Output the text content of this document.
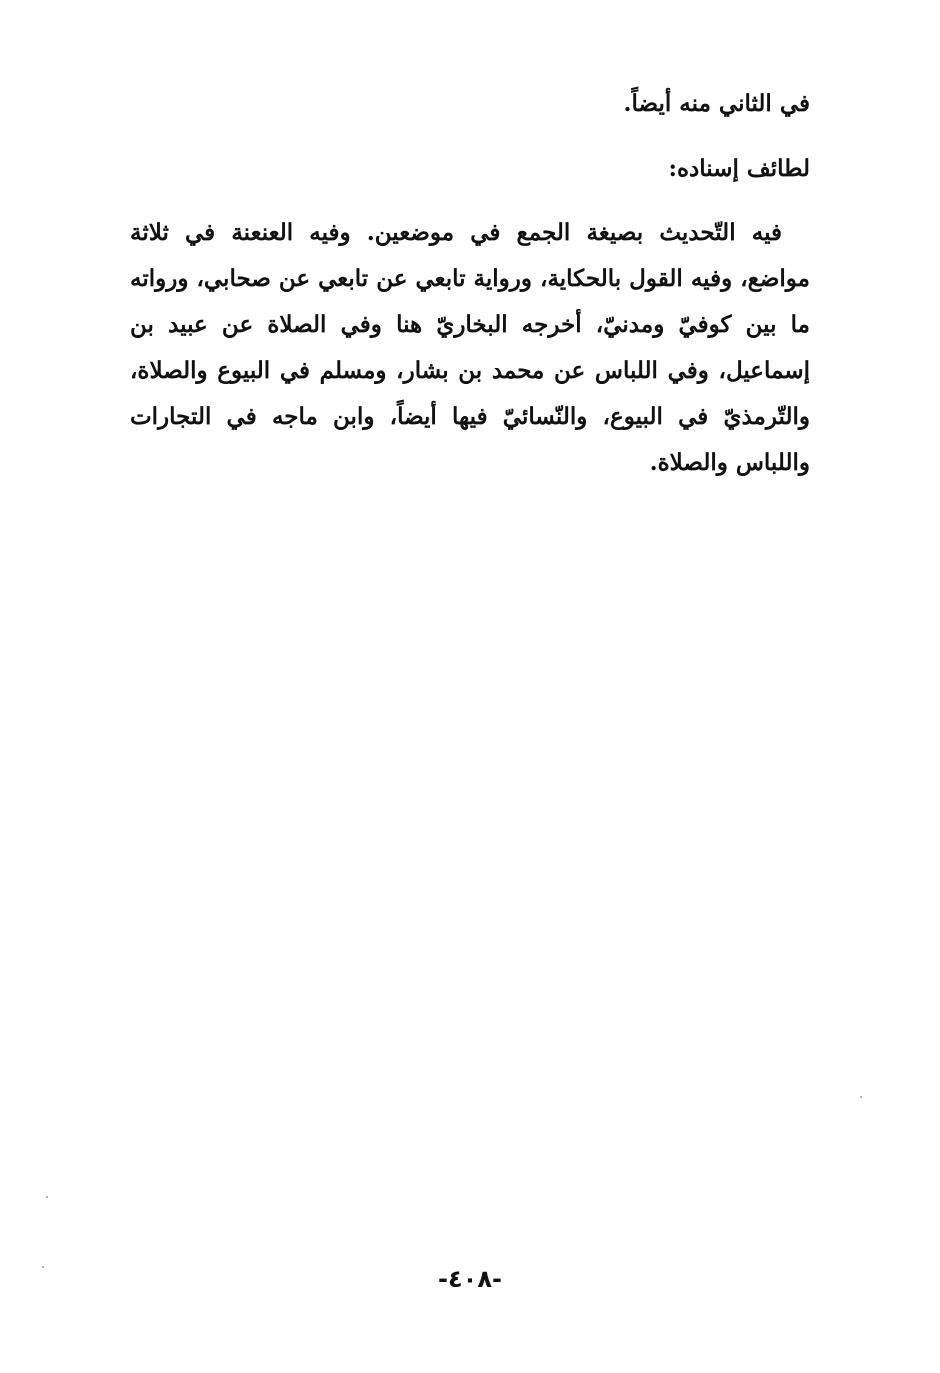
في الثاني منه أيضاً.
لطائف إسناده:
فيه التّحديث بصيغة الجمع في موضعين. وفيه العنعنة في ثلاثة مواضع، وفيه القول بالحكاية، ورواية تابعي عن تابعي عن صحابي، ورواته ما بين كوفيّ ومدنيّ، أخرجه البخاريّ هنا وفي الصلاة عن عبيد بن إسماعيل، وفي اللباس عن محمد بن بشار، ومسلم في البيوع والصلاة، والتّرمذيّ في البيوع، والنّسائيّ فيها أيضاً، وابن ماجه في التجارات واللباس والصلاة.
-٤٠٨-
